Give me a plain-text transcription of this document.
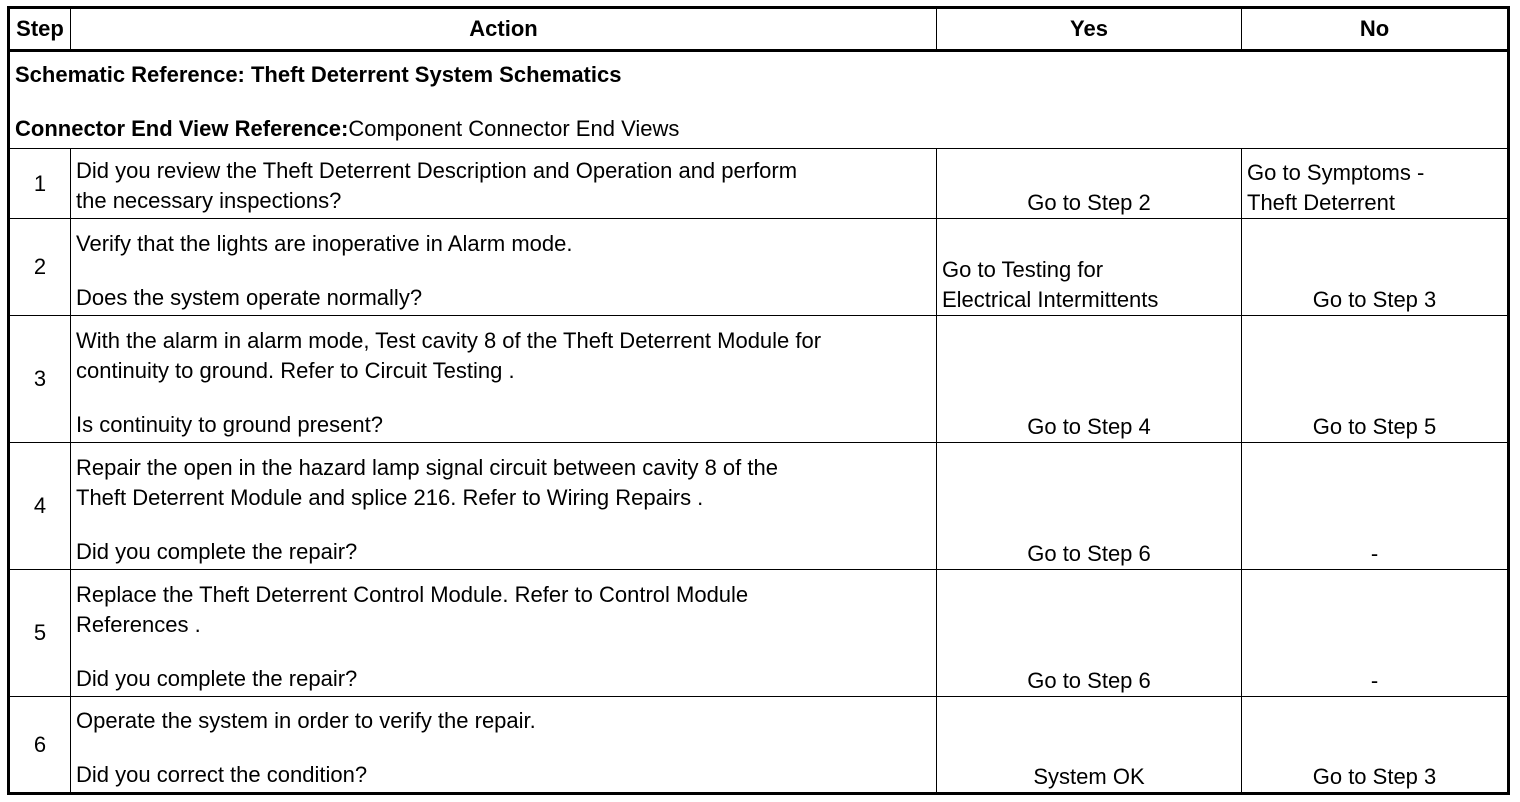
Step	Action	Yes	No

Schematic Reference: Theft Deterrent System Schematics
Connector End View Reference:Component Connector End Views			

1	Did you review the Theft Deterrent Description and Operation and perform
the necessary inspections?	Go to Step 2	Go to Symptoms -
Theft Deterrent

2	Verify that the lights are inoperative in Alarm mode.
Does the system operate normally?	Go to Testing for
Electrical Intermittents	Go to Step 3
3	With the alarm in alarm mode, Test cavity 8 of the Theft Deterrent Module for
continuity to ground. Refer to Circuit Testing .
Is continuity to ground present?	Go to Step 4	Go to Step 5
4	Repair the open in the hazard lamp signal circuit between cavity 8 of the
Theft Deterrent Module and splice 216. Refer to Wiring Repairs .
Did you complete the repair?	Go to Step 6	-
5	Replace the Theft Deterrent Control Module. Refer to Control Module
References .
Did you complete the repair?	Go to Step 6	-
6	Operate the system in order to verify the repair.
Did you correct the condition?	System OK	Go to Step 3
